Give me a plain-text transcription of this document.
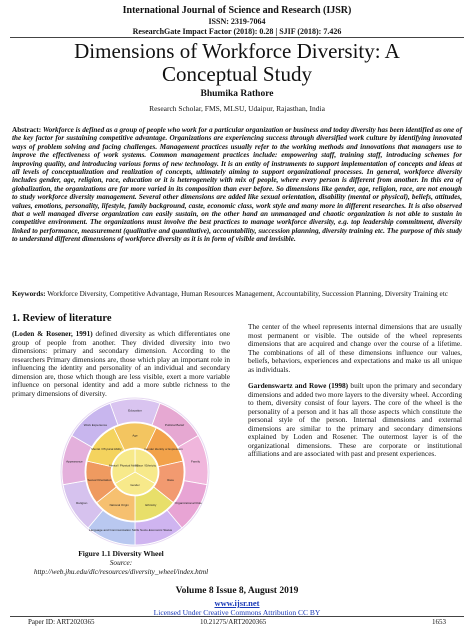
International Journal of Science and Research (IJSR)
ISSN: 2319-7064
ResearchGate Impact Factor (2018): 0.28 | SJIF (2018): 7.426
Dimensions of Workforce Diversity: A Conceptual Study
Bhumika Rathore
Research Scholar, FMS, MLSU, Udaipur, Rajasthan, India
Abstract: Workforce is defined as a group of people who work for a particular organization or business and today diversity has been identified as one of the key factor for sustaining competitive advantage. Organizations are experiencing success through diversified work culture by identifying innovated ways of problem solving and facing challenges. Management practices usually refer to the working methods and innovations that managers use to improve the effectiveness of work systems. Common management practices include: empowering staff, training staff, introducing schemes for improving quality, and introducing various forms of new technology. It is an entity of instruments to support implementation of concepts and ideas at all levels of conceptualization and realization of concepts, ultimately aiming to support organizational processes. In general, workforce diversity includes gender, age, religion, race, education or it is heterogeneity with mix of people, where every person is different from another. In this era of globalization, the organizations are far more varied in its composition than ever before. So dimensions like gender, age, religion, race, are not enough to study workforce diversity management. Several other dimensions are added like sexual orientation, disability (mental or physical), beliefs, attitudes, values, emotions, personality, lifestyle, family background, caste, economic class, work style and many more in different researches. It is also observed that a well managed diverse organization can easily sustain, on the other hand an unmanaged and chaotic organization is not able to sustain in competitive environment. The organizations must involve the best practices to manage workforce diversity, e.g. top leadership commitment, diversity linked to performance, measurement (qualitative and quantitative), accountability, succession planning, diversity training etc. The purpose of this study to understand different dimensions of workforce diversity as it is in form of visible and invisible.
Keywords: Workforce Diversity, Competitive Advantage, Human Resources Management, Accountability, Succession Planning, Diversity Training etc
1. Review of literature

(Loden & Rosener, 1991) defined diversity as which differentiates one group of people from another. They divided diversity into two dimensions: primary and secondary dimension. According to the researchers Primary dimensions are, those which play an important role in influencing the identity and personality of an individual and secondary dimension are, those which though are less visible, exert a more variable influence on personal identity and add a more subtle richness to the primary dimensions of diversity.

Education
Political Belief
Family
Organizational Role
Socio-Economic Status
Language and Communication Skills
Religion
Appearance
Work Experience
Age
Gender Identity or Expression
Race
Ethnicity
National Origin
Sexual Orientation
Mental / Physical Ability
Race / Ethnicity
Gender
Mental / Physical Ability
Figure 1.1 Diversity Wheel
Source:
http://web.jhu.edu/dlc/resources/diversity_wheel/index.html

The center of the wheel represents internal dimensions that are usually most permanent or visible. The outside of the wheel represents dimensions that are acquired and change over the course of a lifetime. The combinations of all of these dimensions influence our values, beliefs, behaviors, experiences and expectations and make us all unique as individuals.

Gardenswartz and Rowe (1998) built upon the primary and secondary dimensions and added two more layers to the diversity wheel. According to them, diversity consist of four layers. The core of the wheel is the personality of a person and it has all those aspects which constitute the personal style of the person. Internal dimensions and external dimensions are similar to the primary and secondary dimensions explained by Loden and Rosener. The outermost layer is of the organizational dimensions. These are corporate or institutional affiliations and are associated with past and present experiences.

Volume 8 Issue 8, August 2019
www.ijsr.net
Licensed Under Creative Commons Attribution CC BY
Paper ID: ART2020365	10.21275/ART2020365	1653
